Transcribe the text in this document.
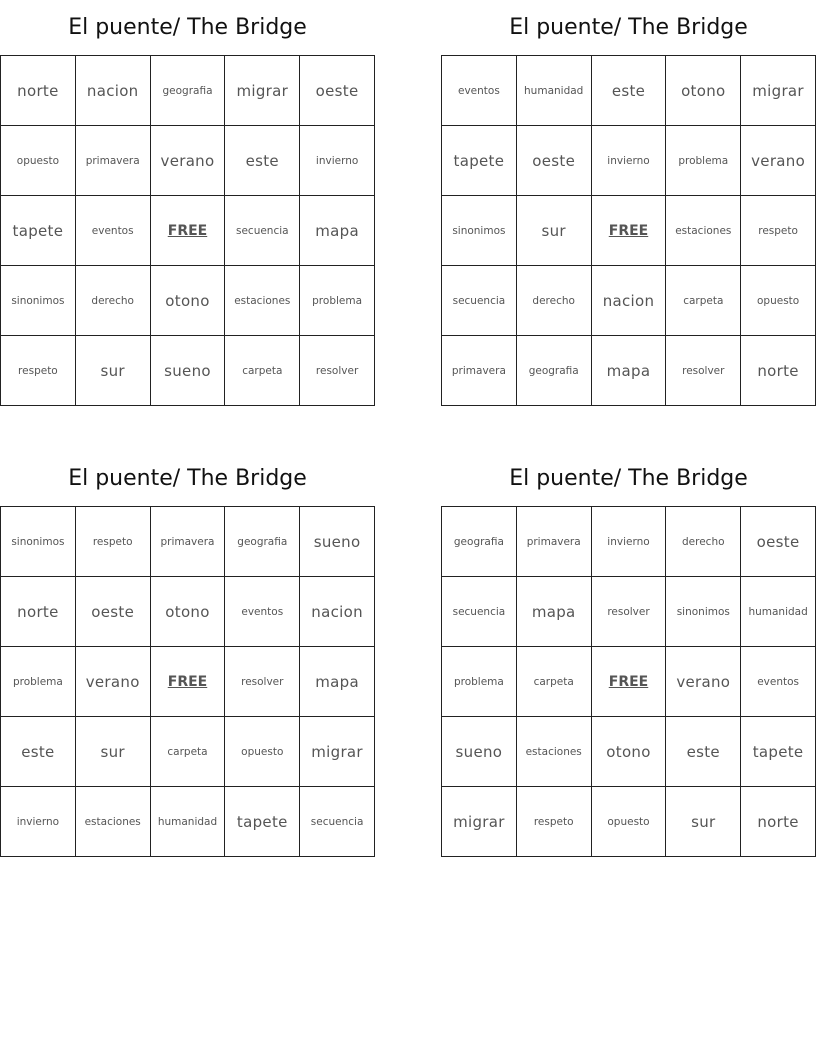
El puente/ The Bridge
norte	nacion	geografia	migrar	oeste
opuesto	primavera	verano	este	invierno
tapete	eventos	FREE	secuencia	mapa
sinonimos	derecho	otono	estaciones	problema
respeto	sur	sueno	carpeta	resolver
El puente/ The Bridge
eventos	humanidad	este	otono	migrar
tapete	oeste	invierno	problema	verano
sinonimos	sur	FREE	estaciones	respeto
secuencia	derecho	nacion	carpeta	opuesto
primavera	geografia	mapa	resolver	norte
El puente/ The Bridge
sinonimos	respeto	primavera	geografia	sueno
norte	oeste	otono	eventos	nacion
problema	verano	FREE	resolver	mapa
este	sur	carpeta	opuesto	migrar
invierno	estaciones	humanidad	tapete	secuencia
El puente/ The Bridge
geografia	primavera	invierno	derecho	oeste
secuencia	mapa	resolver	sinonimos	humanidad
problema	carpeta	FREE	verano	eventos
sueno	estaciones	otono	este	tapete
migrar	respeto	opuesto	sur	norte
